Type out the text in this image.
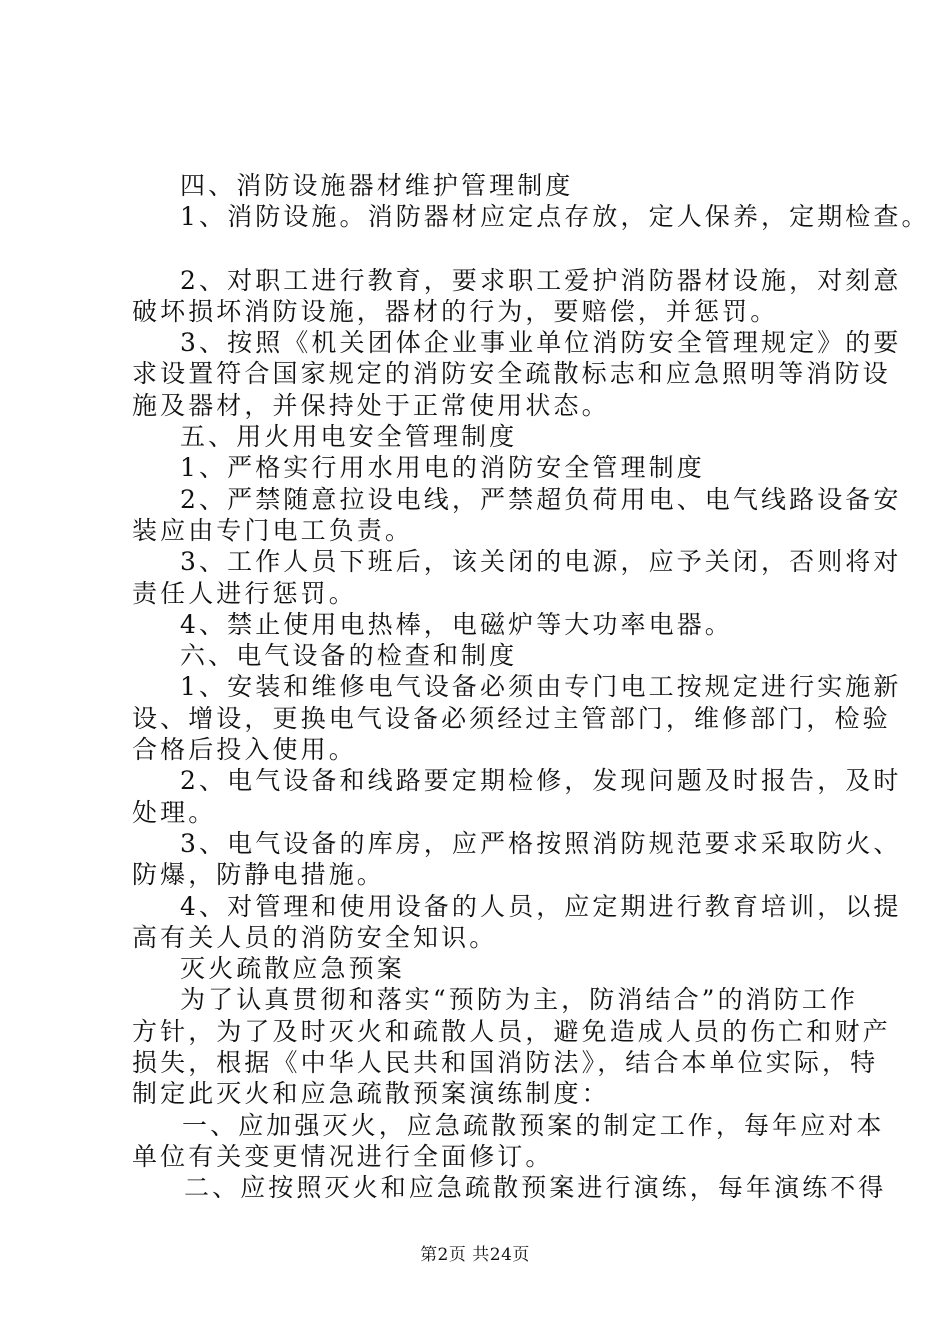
四、消防设施器材维护管理制度
1、消防设施。消防器材应定点存放，定人保养，定期检查。
2、对职工进行教育，要求职工爱护消防器材设施，对刻意
破坏损坏消防设施，器材的行为，要赔偿，并惩罚。
3、按照《机关团体企业事业单位消防安全管理规定》的要
求设置符合国家规定的消防安全疏散标志和应急照明等消防设
施及器材，并保持处于正常使用状态。
五、用火用电安全管理制度
1、严格实行用水用电的消防安全管理制度
2、严禁随意拉设电线，严禁超负荷用电、电气线路设备安
装应由专门电工负责。
3、工作人员下班后，该关闭的电源，应予关闭，否则将对
责任人进行惩罚。
4、禁止使用电热棒，电磁炉等大功率电器。
六、电气设备的检查和制度
1、安装和维修电气设备必须由专门电工按规定进行实施新
设、增设，更换电气设备必须经过主管部门，维修部门，检验
合格后投入使用。
2、电气设备和线路要定期检修，发现问题及时报告，及时
处理。
3、电气设备的库房，应严格按照消防规范要求采取防火、
防爆，防静电措施。
4、对管理和使用设备的人员，应定期进行教育培训，以提
高有关人员的消防安全知识。
灭火疏散应急预案
为了认真贯彻和落实“预防为主，防消结合”的消防工作
方针，为了及时灭火和疏散人员，避免造成人员的伤亡和财产
损失，根据《中华人民共和国消防法》，结合本单位实际，特
制定此灭火和应急疏散预案演练制度：
一、应加强灭火，应急疏散预案的制定工作，每年应对本
单位有关变更情况进行全面修订。
二、应按照灭火和应急疏散预案进行演练，每年演练不得
第2页 共24页
